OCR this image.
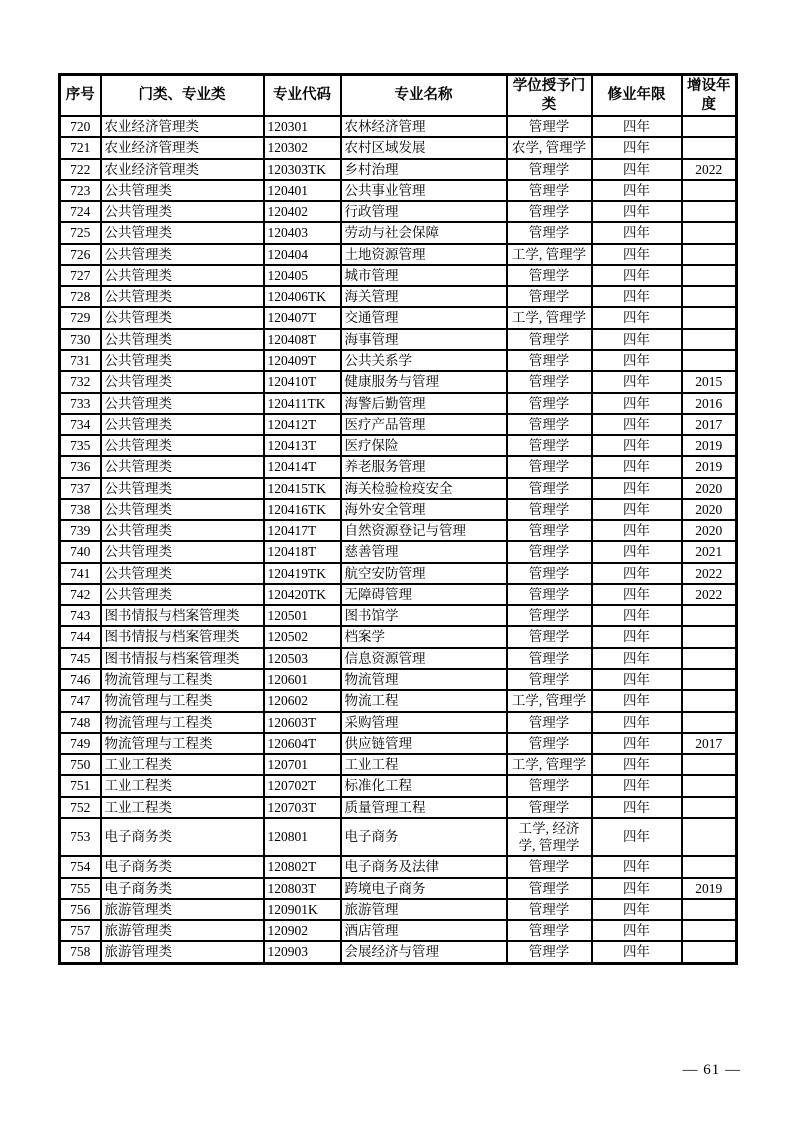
序号	门类、专业类	专业代码	专业名称	学位授予门类	修业年限	增设年度
720	农业经济管理类	120301	农林经济管理	管理学	四年	
721	农业经济管理类	120302	农村区域发展	农学, 管理学	四年	
722	农业经济管理类	120303TK	乡村治理	管理学	四年	2022
723	公共管理类	120401	公共事业管理	管理学	四年	
724	公共管理类	120402	行政管理	管理学	四年	
725	公共管理类	120403	劳动与社会保障	管理学	四年	
726	公共管理类	120404	土地资源管理	工学, 管理学	四年	
727	公共管理类	120405	城市管理	管理学	四年	
728	公共管理类	120406TK	海关管理	管理学	四年	
729	公共管理类	120407T	交通管理	工学, 管理学	四年	
730	公共管理类	120408T	海事管理	管理学	四年	
731	公共管理类	120409T	公共关系学	管理学	四年	
732	公共管理类	120410T	健康服务与管理	管理学	四年	2015
733	公共管理类	120411TK	海警后勤管理	管理学	四年	2016
734	公共管理类	120412T	医疗产品管理	管理学	四年	2017
735	公共管理类	120413T	医疗保险	管理学	四年	2019
736	公共管理类	120414T	养老服务管理	管理学	四年	2019
737	公共管理类	120415TK	海关检验检疫安全	管理学	四年	2020
738	公共管理类	120416TK	海外安全管理	管理学	四年	2020
739	公共管理类	120417T	自然资源登记与管理	管理学	四年	2020
740	公共管理类	120418T	慈善管理	管理学	四年	2021
741	公共管理类	120419TK	航空安防管理	管理学	四年	2022
742	公共管理类	120420TK	无障碍管理	管理学	四年	2022
743	图书情报与档案管理类	120501	图书馆学	管理学	四年	
744	图书情报与档案管理类	120502	档案学	管理学	四年	
745	图书情报与档案管理类	120503	信息资源管理	管理学	四年	
746	物流管理与工程类	120601	物流管理	管理学	四年	
747	物流管理与工程类	120602	物流工程	工学, 管理学	四年	
748	物流管理与工程类	120603T	采购管理	管理学	四年	
749	物流管理与工程类	120604T	供应链管理	管理学	四年	2017
750	工业工程类	120701	工业工程	工学, 管理学	四年	
751	工业工程类	120702T	标准化工程	管理学	四年	
752	工业工程类	120703T	质量管理工程	管理学	四年	
753	电子商务类	120801	电子商务	工学, 经济学, 管理学	四年	
754	电子商务类	120802T	电子商务及法律	管理学	四年	
755	电子商务类	120803T	跨境电子商务	管理学	四年	2019
756	旅游管理类	120901K	旅游管理	管理学	四年	
757	旅游管理类	120902	酒店管理	管理学	四年	
758	旅游管理类	120903	会展经济与管理	管理学	四年	
— 61 —
